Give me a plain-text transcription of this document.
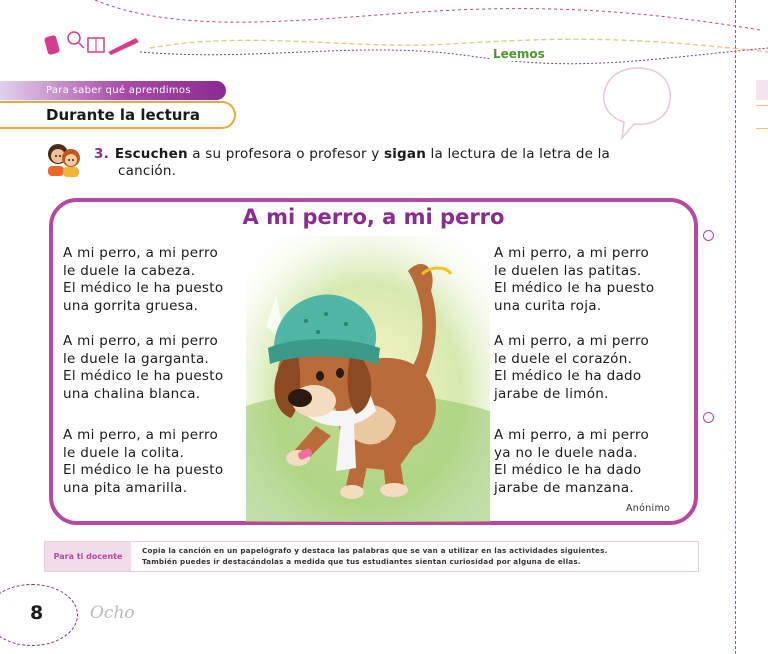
Leemos
Para saber qué aprendimos
Durante la lectura
3. Escuchen a su profesora o profesor y sigan la lectura de la letra de la
canción.
A mi perro, a mi perro
A mi perro, a mi perro
le duele la cabeza.
El médico le ha puesto
una gorrita gruesa.
A mi perro, a mi perro
le duele la garganta.
El médico le ha puesto
una chalina blanca.
A mi perro, a mi perro
le duele la colita.
El médico le ha puesto
una pita amarilla.
A mi perro, a mi perro
le duelen las patitas.
El médico le ha puesto
una curita roja.
A mi perro, a mi perro
le duele el corazón.
El médico le ha dado
jarabe de limón.
A mi perro, a mi perro
ya no le duele nada.
El médico le ha dado
jarabe de manzana.
Anónimo
Para ti docente
Copia la canción en un papelógrafo y destaca las palabras que se van a utilizar en las actividades siguientes.
También puedes ir destacándolas a medida que tus estudiantes sientan curiosidad por alguna de ellas.
8	Ocho
